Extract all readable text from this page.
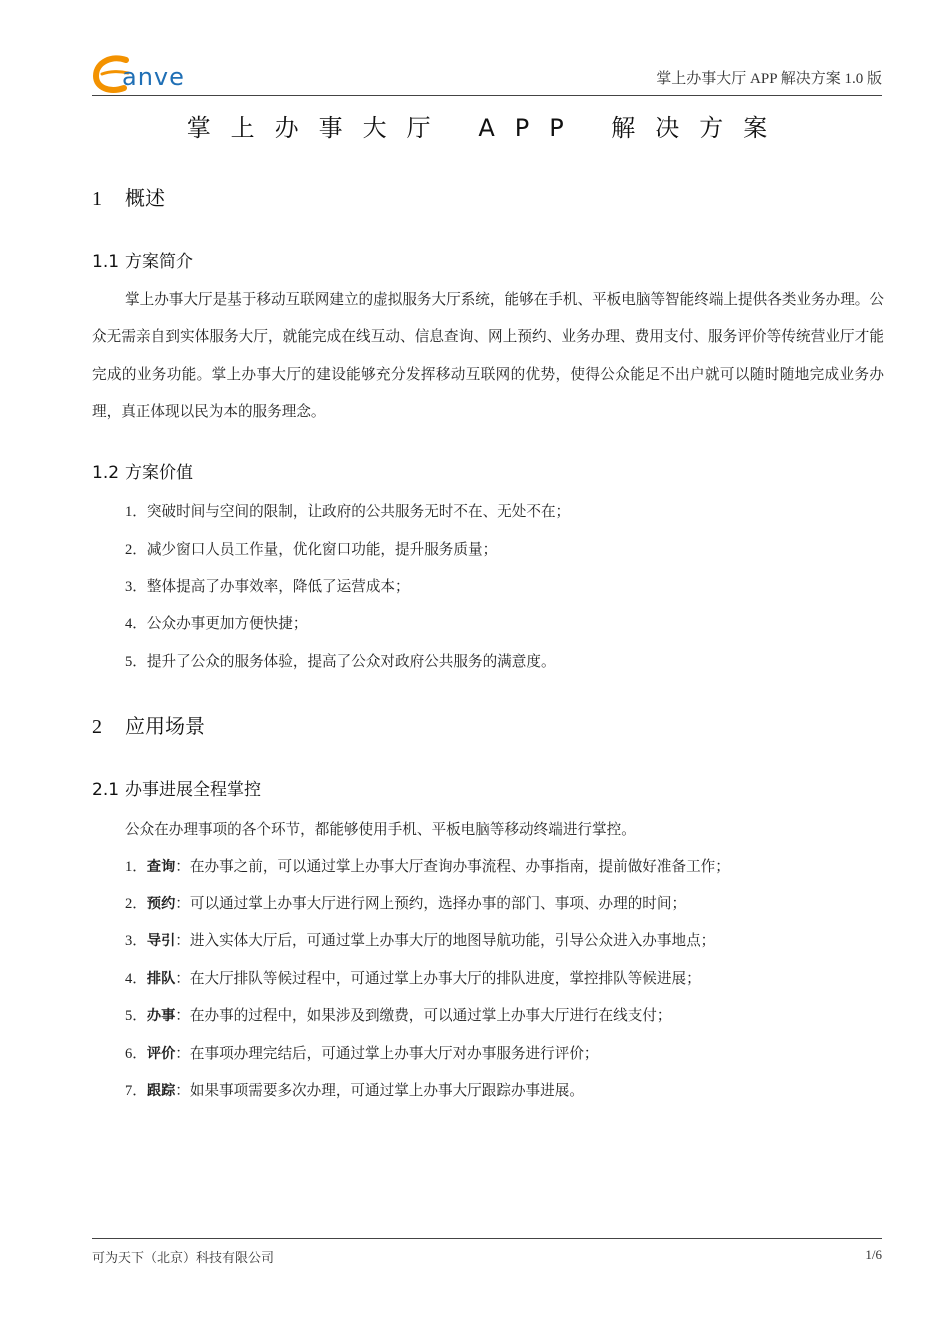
anve	掌上办事大厅 APP 解决方案 1.0 版
掌上办事大厅 APP 解决方案
1 概述
1.1 方案简介
掌上办事大厅是基于移动互联网建立的虚拟服务大厅系统，能够在手机、平板电脑等智能终端上提供各类业务办理。公众无需亲自到实体服务大厅，就能完成在线互动、信息查询、网上预约、业务办理、费用支付、服务评价等传统营业厅才能完成的业务功能。掌上办事大厅的建设能够充分发挥移动互联网的优势，使得公众能足不出户就可以随时随地完成业务办理，真正体现以民为本的服务理念。
1.2 方案价值
1．突破时间与空间的限制，让政府的公共服务无时不在、无处不在；
2．减少窗口人员工作量，优化窗口功能，提升服务质量；
3．整体提高了办事效率，降低了运营成本；
4．公众办事更加方便快捷；
5．提升了公众的服务体验，提高了公众对政府公共服务的满意度。
2 应用场景
2.1 办事进展全程掌控
公众在办理事项的各个环节，都能够使用手机、平板电脑等移动终端进行掌控。
1．查询：在办事之前，可以通过掌上办事大厅查询办事流程、办事指南，提前做好准备工作；
2．预约：可以通过掌上办事大厅进行网上预约，选择办事的部门、事项、办理的时间；
3．导引：进入实体大厅后，可通过掌上办事大厅的地图导航功能，引导公众进入办事地点；
4．排队：在大厅排队等候过程中，可通过掌上办事大厅的排队进度，掌控排队等候进展；
5．办事：在办事的过程中，如果涉及到缴费，可以通过掌上办事大厅进行在线支付；
6．评价：在事项办理完结后，可通过掌上办事大厅对办事服务进行评价；
7．跟踪：如果事项需要多次办理，可通过掌上办事大厅跟踪办事进展。
可为天下（北京）科技有限公司	1/6
